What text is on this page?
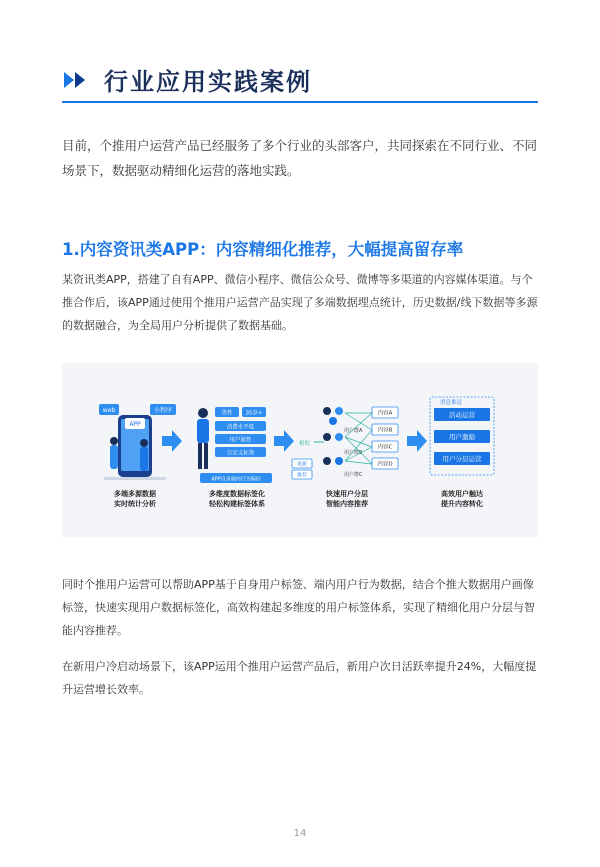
行业应用实践案例
目前，个推用户运营产品已经服务了多个行业的头部客户，共同探索在不同行业、不同场景下，数据驱动精细化运营的落地实践。
1.内容资讯类APP：内容精细化推荐，大幅提高留存率
某资讯类APP，搭建了自有APP、微信小程序、微信公众号、微博等多渠道的内容媒体渠道。与个推合作后，该APP通过使用个推用户运营产品实现了多端数据埋点统计，历史数据/线下数据等多源的数据融合，为全局用户分析提供了数据基础。
web	小程序
APP
多端多源数据
实时统计分析
男性 35岁+
消费水平低
用户属性
自定义标签
APP自身端内行为偏好
多维度数据标签化
轻松构建标签体系
相似
更新
推荐
用户群A
用户群B
用户群C
内容A
内容B
内容C
内容D
快速用户分层
智能内容推荐
消息推送
活动运营
用户激励
用户分层运营
高效用户触达
提升内容转化
同时个推用户运营可以帮助APP基于自身用户标签、端内用户行为数据，结合个推大数据用户画像标签，快速实现用户数据标签化，高效构建起多维度的用户标签体系，实现了精细化用户分层与智能内容推荐。
在新用户冷启动场景下，该APP运用个推用户运营产品后，新用户次日活跃率提升24%，大幅度提升运营增长效率。
14
